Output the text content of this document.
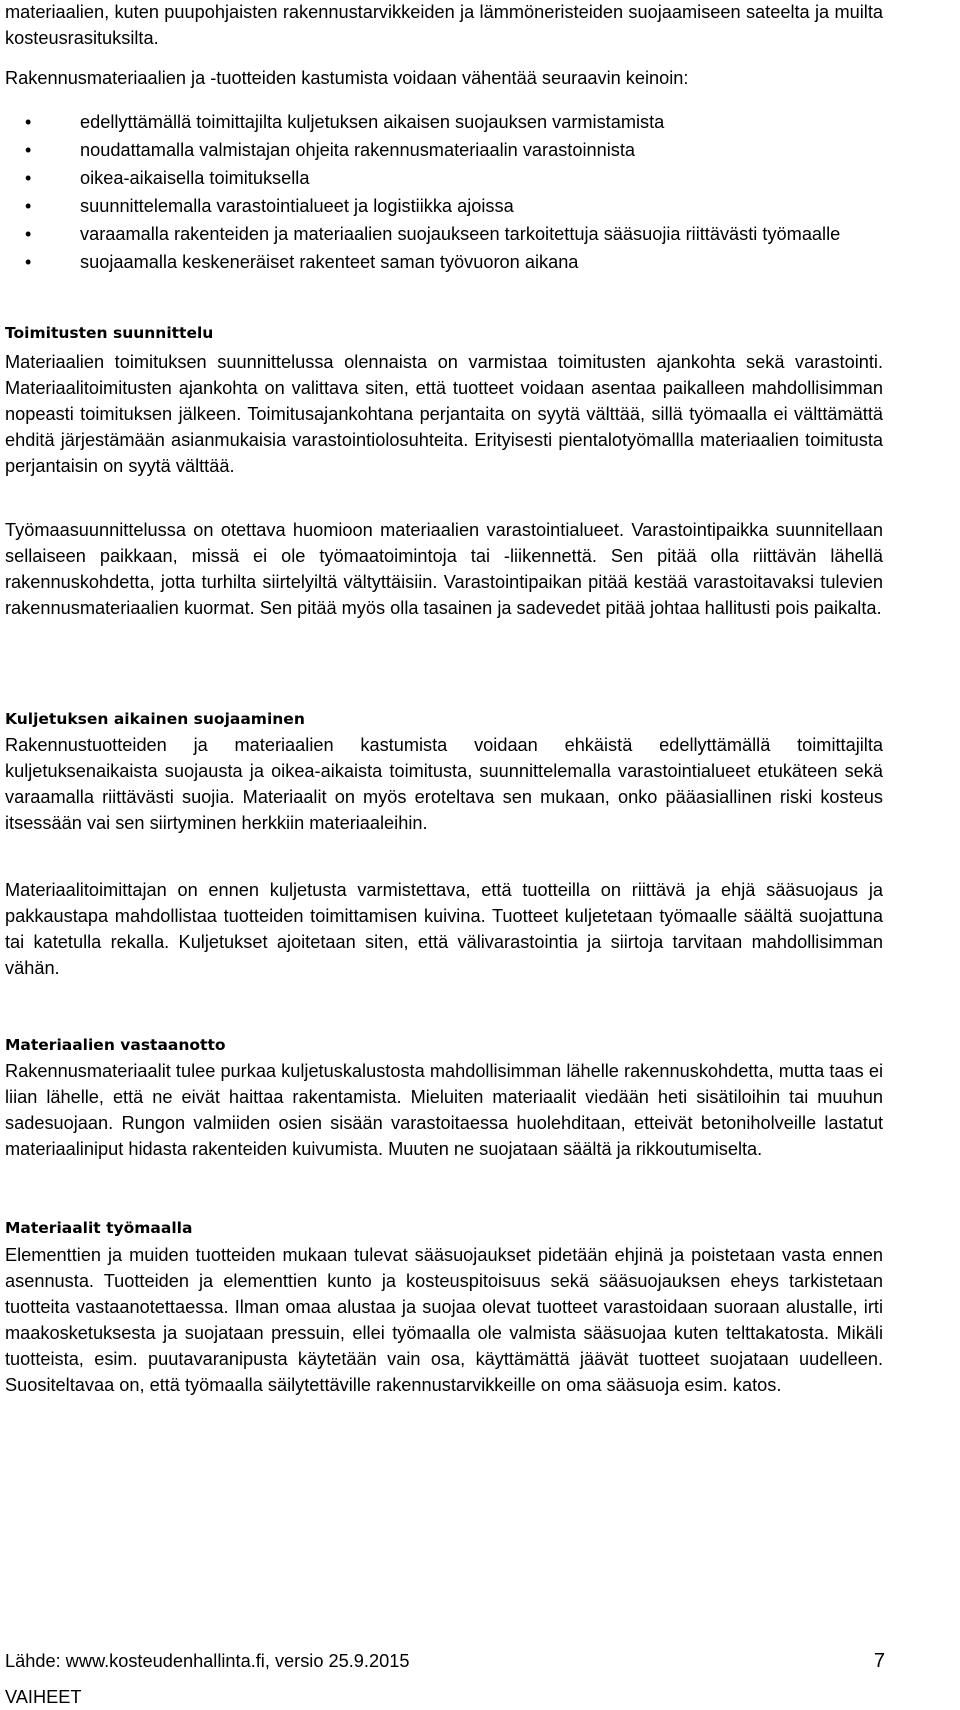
materiaalien, kuten puupohjaisten rakennustarvikkeiden ja lämmöneristeiden suojaamiseen sateelta ja muilta kosteusrasituksilta.

Rakennusmateriaalien ja -tuotteiden kastumista voidaan vähentää seuraavin keinoin:

•	edellyttämällä toimittajilta kuljetuksen aikaisen suojauksen varmistamista
•	noudattamalla valmistajan ohjeita rakennusmateriaalin varastoinnista
•	oikea-aikaisella toimituksella
•	suunnittelemalla varastointialueet ja logistiikka ajoissa
•	varaamalla rakenteiden ja materiaalien suojaukseen tarkoitettuja sääsuojia riittävästi työmaalle
•	suojaamalla keskeneräiset rakenteet saman työvuoron aikana
Toimitusten suunnittelu

Materiaalien toimituksen suunnittelussa olennaista on varmistaa toimitusten ajankohta sekä varastointi. Materiaalitoimitusten ajankohta on valittava siten, että tuotteet voidaan asentaa paikalleen mahdollisimman nopeasti toimituksen jälkeen. Toimitusajankohtana perjantaita on syytä välttää, sillä työmaalla ei välttämättä ehditä järjestämään asianmukaisia varastointiolosuhteita. Erityisesti pientalotyömallla materiaalien toimitusta perjantaisin on syytä välttää.

Työmaasuunnittelussa on otettava huomioon materiaalien varastointialueet. Varastointipaikka suunnitellaan sellaiseen paikkaan, missä ei ole työmaatoimintoja tai -liikennettä. Sen pitää olla riittävän lähellä rakennuskohdetta, jotta turhilta siirtelyiltä vältyttäisiin. Varastointipaikan pitää kestää varastoitavaksi tulevien rakennusmateriaalien kuormat. Sen pitää myös olla tasainen ja sadevedet pitää johtaa hallitusti pois paikalta.

Kuljetuksen aikainen suojaaminen

Rakennustuotteiden ja materiaalien kastumista voidaan ehkäistä edellyttämällä toimittajilta kuljetuksenaikaista suojausta ja oikea-aikaista toimitusta, suunnittelemalla varastointialueet etukäteen sekä varaamalla riittävästi suojia. Materiaalit on myös eroteltava sen mukaan, onko pääasiallinen riski kosteus itsessään vai sen siirtyminen herkkiin materiaaleihin.

Materiaalitoimittajan on ennen kuljetusta varmistettava, että tuotteilla on riittävä ja ehjä sääsuojaus ja pakkaustapa mahdollistaa tuotteiden toimittamisen kuivina. Tuotteet kuljetetaan työmaalle säältä suojattuna tai katetulla rekalla. Kuljetukset ajoitetaan siten, että välivarastointia ja siirtoja tarvitaan mahdollisimman vähän.

Materiaalien vastaanotto

Rakennusmateriaalit tulee purkaa kuljetuskalustosta mahdollisimman lähelle rakennuskohdetta, mutta taas ei liian lähelle, että ne eivät haittaa rakentamista. Mieluiten materiaalit viedään heti sisätiloihin tai muuhun sadesuojaan. Rungon valmiiden osien sisään varastoitaessa huolehditaan, etteivät betoniholveille lastatut materiaaliniput hidasta rakenteiden kuivumista. Muuten ne suojataan säältä ja rikkoutumiselta.

Materiaalit työmaalla

Elementtien ja muiden tuotteiden mukaan tulevat sääsuojaukset pidetään ehjinä ja poistetaan vasta ennen asennusta. Tuotteiden ja elementtien kunto ja kosteuspitoisuus sekä sääsuojauksen eheys tarkistetaan tuotteita vastaanotettaessa. Ilman omaa alustaa ja suojaa olevat tuotteet varastoidaan suoraan alustalle, irti maakosketuksesta ja suojataan pressuin, ellei työmaalla ole valmista sääsuojaa kuten telttakatosta. Mikäli tuotteista, esim. puutavaranipusta käytetään vain osa, käyttämättä jäävät tuotteet suojataan uudelleen. Suositeltavaa on, että työmaalla säilytettäville rakennustarvikkeille on oma sääsuoja esim. katos.

Lähde: www.kosteudenhallinta.fi, versio 25.9.2015	7
VAIHEET
